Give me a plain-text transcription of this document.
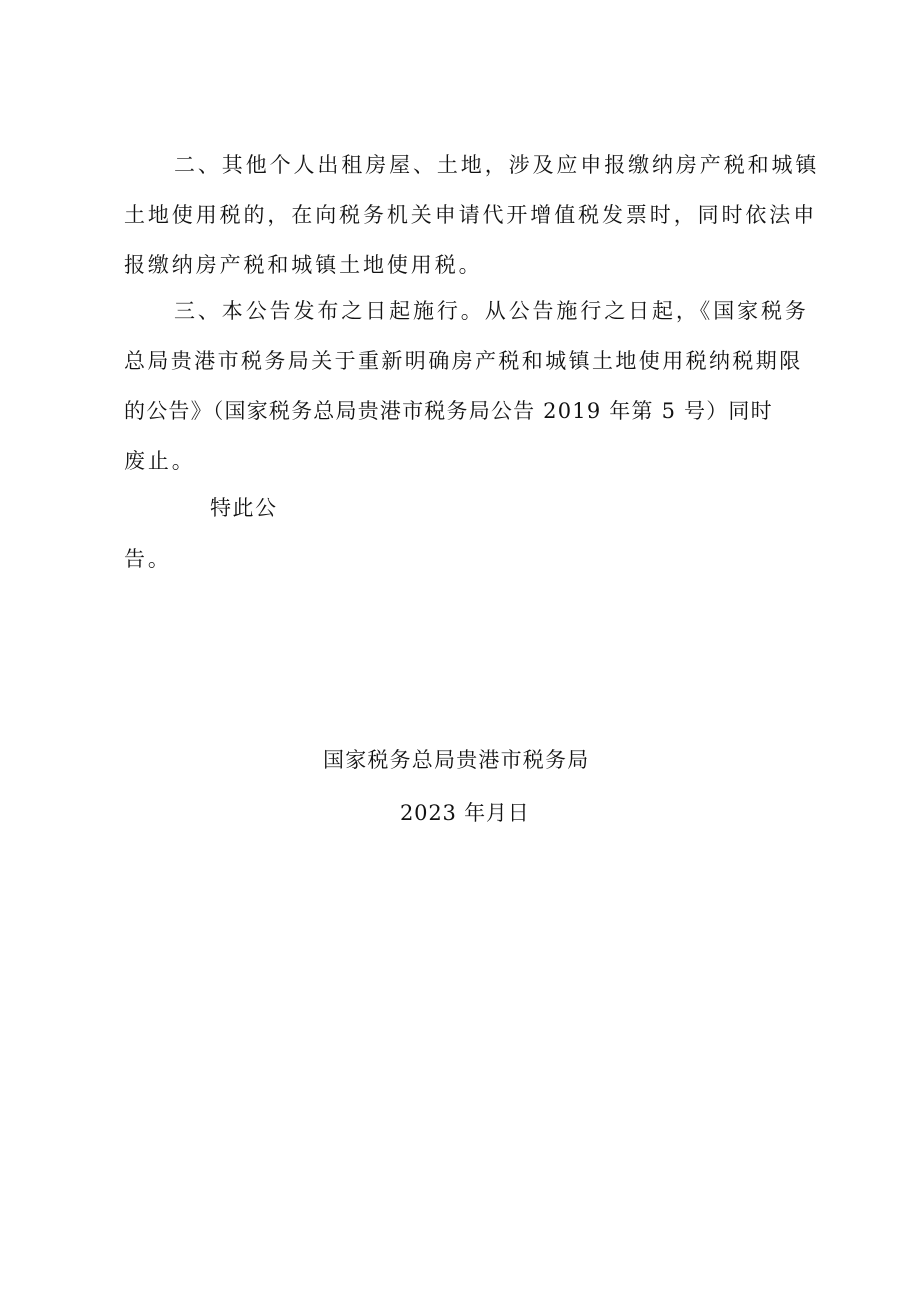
二、其他个人出租房屋、土地，涉及应申报缴纳房产税和城镇
土地使用税的，在向税务机关申请代开增值税发票时，同时依法申
报缴纳房产税和城镇土地使用税。
三、本公告发布之日起施行。从公告施行之日起，《国家税务
总局贵港市税务局关于重新明确房产税和城镇土地使用税纳税期限
的公告》（国家税务总局贵港市税务局公告 2019 年第 5 号）同时
废止。
特此公
告。
国家税务总局贵港市税务局
2023 年月日
